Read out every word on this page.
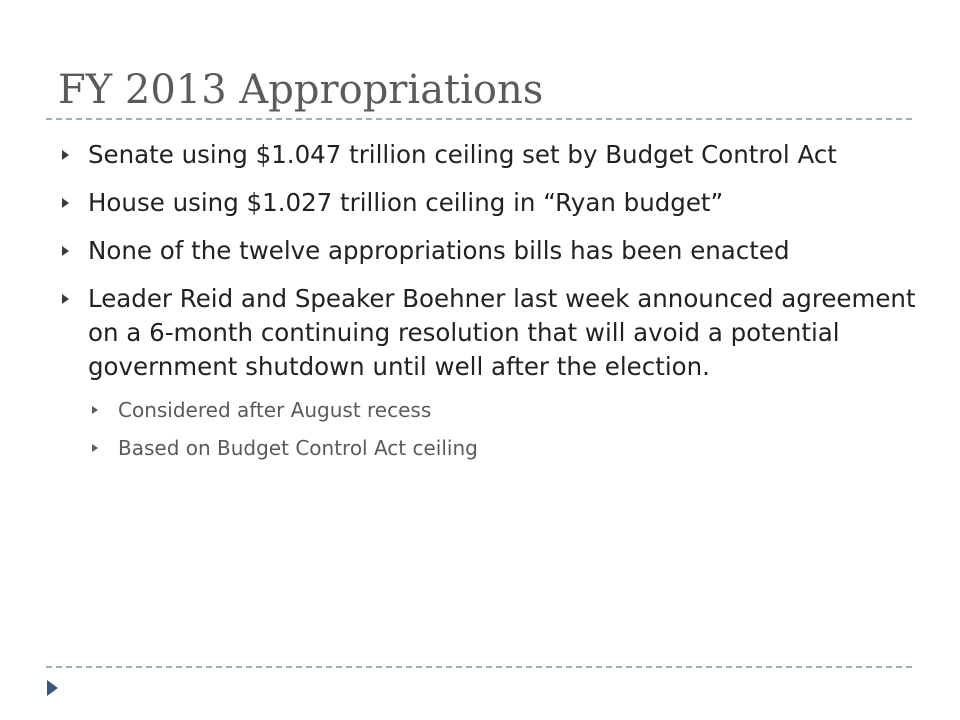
FY 2013 Appropriations
Senate using $1.047 trillion ceiling set by Budget Control Act
House using $1.027 trillion ceiling in “Ryan budget”
None of the twelve appropriations bills has been enacted
Leader Reid and Speaker Boehner last week announced agreement on a 6-month continuing resolution that will avoid a potential government shutdown until well after the election.
Considered after August recess
Based on Budget Control Act ceiling
